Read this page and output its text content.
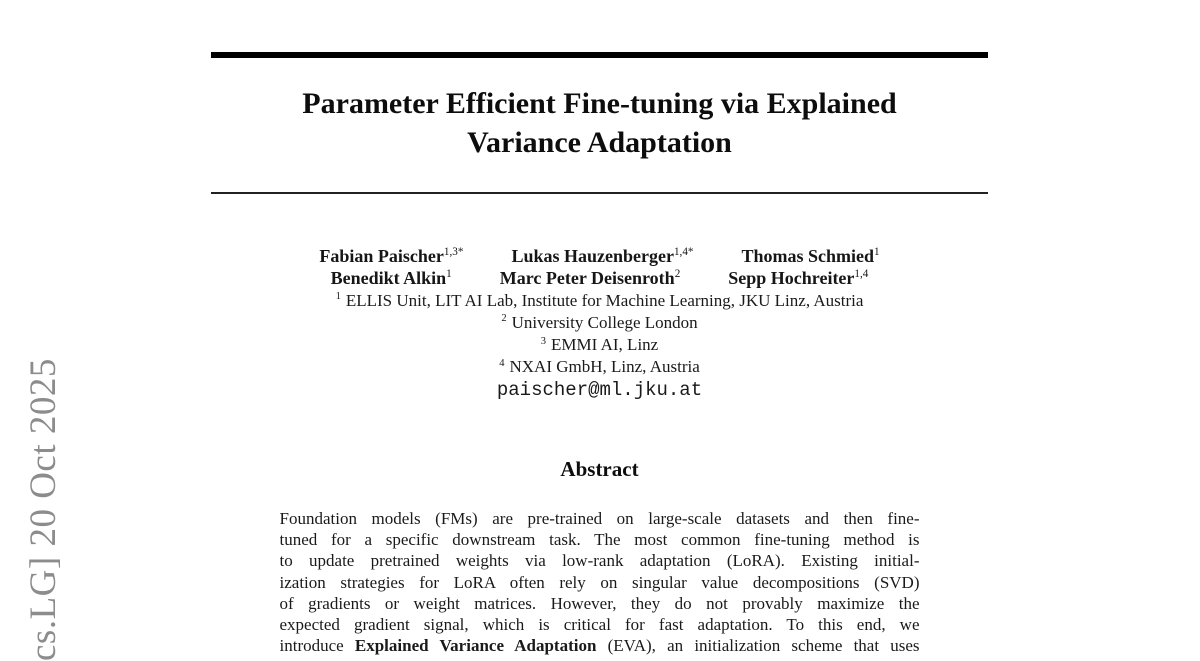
Parameter Efficient Fine-tuning via Explained
Variance Adaptation
Fabian Paischer$^{1,3*}$	Lukas Hauzenberger$^{1,4*}$	Thomas Schmied$^1$
Benedikt Alkin$^1$	Marc Peter Deisenroth$^2$	Sepp Hochreiter$^{1,4}$
$^1$ ELLIS Unit, LIT AI Lab, Institute for Machine Learning, JKU Linz, Austria
$^2$ University College London
$^3$ EMMI AI, Linz
$^4$ NXAI GmbH, Linz, Austria
paischer@ml.jku.at
Abstract
Foundation models (FMs) are pre-trained on large-scale datasets and then fine-
tuned for a specific downstream task. The most common fine-tuning method is
to update pretrained weights via low-rank adaptation (LoRA). Existing initial-
ization strategies for LoRA often rely on singular value decompositions (SVD)
of gradients or weight matrices. However, they do not provably maximize the
expected gradient signal, which is critical for fast adaptation. To this end, we
introduce Explained Variance Adaptation (EVA), an initialization scheme that uses
cs.LG] 20 Oct 2025
